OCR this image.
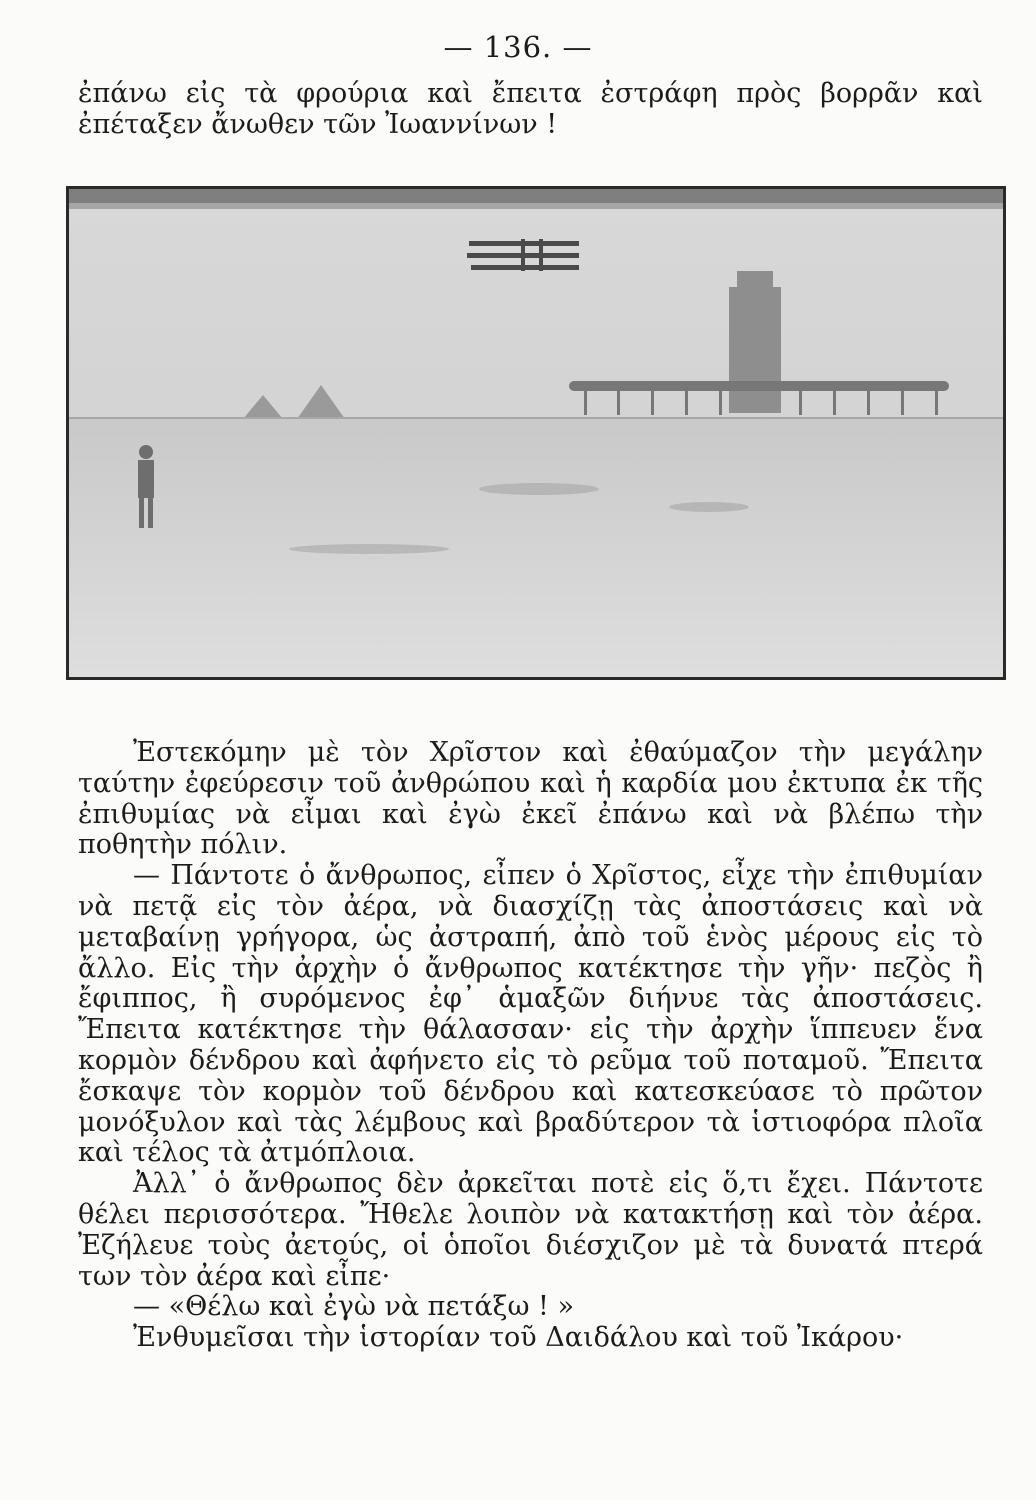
— 136. —

ἐπάνω εἰς τὰ φρούρια καὶ ἔπειτα ἐστράφη πρὸς βορρᾶν καὶ ἐπέταξεν ἄνωθεν τῶν Ἰωαννίνων !

Ἐστεκόμην μὲ τὸν Χρῖστον καὶ ἐθαύμαζον τὴν μεγάλην ταύτην ἐφεύρεσιν τοῦ ἀνθρώπου καὶ ἡ καρδία μου ἐκτυπα ἐκ τῆς ἐπιθυμίας νὰ εἶμαι καὶ ἐγὼ ἐκεῖ ἐπάνω καὶ νὰ βλέπω τὴν ποθητὴν πόλιν.

— Πάντοτε ὁ ἄνθρωπος, εἶπεν ὁ Χρῖστος, εἶχε τὴν ἐπιθυμίαν νὰ πετᾷ εἰς τὸν ἀέρα, νὰ διασχίζῃ τὰς ἀποστάσεις καὶ νὰ μεταβαίνῃ γρήγορα, ὡς ἀστραπή, ἀπὸ τοῦ ἑνὸς μέρους εἰς τὸ ἄλλο. Εἰς τὴν ἀρχὴν ὁ ἄνθρωπος κατέκτησε τὴν γῆν· πεζὸς ἢ ἔφιππος, ἢ συρόμενος ἐφ᾽ ἁμαξῶν διήνυε τὰς ἀποστάσεις. Ἔπειτα κατέκτησε τὴν θάλασσαν· εἰς τὴν ἀρχὴν ἵππευεν ἕνα κορμὸν δένδρου καὶ ἀφήνετο εἰς τὸ ρεῦμα τοῦ ποταμοῦ. Ἔπειτα ἔσκαψε τὸν κορμὸν τοῦ δένδρου καὶ κατεσκεύασε τὸ πρῶτον μονόξυλον καὶ τὰς λέμβους καὶ βραδύτερον τὰ ἱστιοφόρα πλοῖα καὶ τέλος τὰ ἀτμόπλοια.

Ἀλλ᾽ ὁ ἄνθρωπος δὲν ἀρκεῖται ποτὲ εἰς ὅ,τι ἔχει. Πάντοτε θέλει περισσότερα. Ἤθελε λοιπὸν νὰ κατακτήσῃ καὶ τὸν ἀέρα. Ἐζήλευε τοὺς ἀετούς, οἱ ὁποῖοι διέσχιζον μὲ τὰ δυνατά πτερά των τὸν ἀέρα καὶ εἶπε·

— «Θέλω καὶ ἐγὼ νὰ πετάξω ! »

Ἐνθυμεῖσαι τὴν ἱστορίαν τοῦ Δαιδάλου καὶ τοῦ Ἰκάρου·
